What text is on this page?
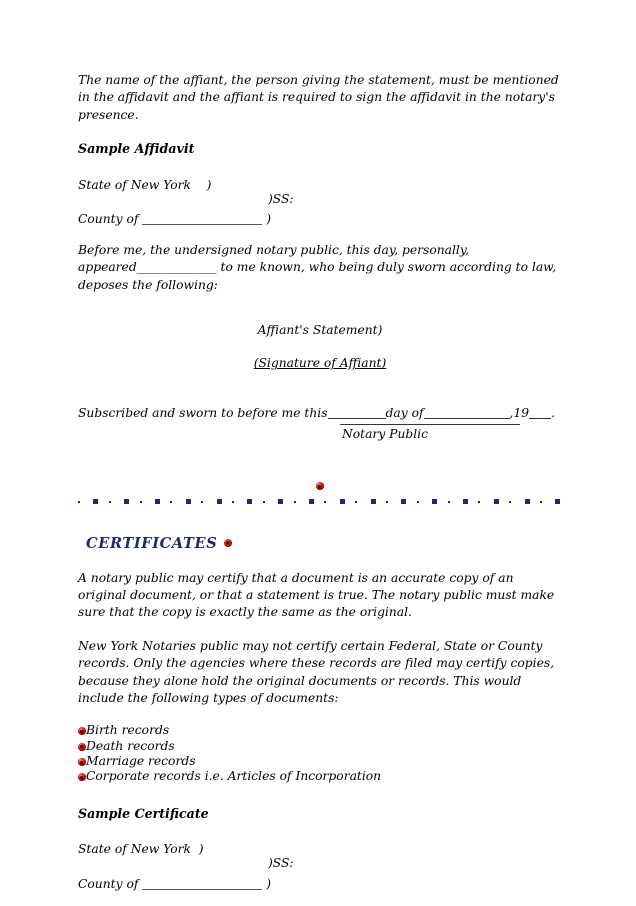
The name of the affiant, the person giving the statement, must be mentioned in the affidavit and the affiant is required to sign the affidavit in the notary's presence.

Sample Affidavit

State of New York    )
)SS:
County of	)

Before me, the undersigned notary public, this day, personally, appeared_____________ to me known, who being duly sworn according to law, deposes the following:

Affiant's Statement)

(Signature of Affiant)

Subscribed and sworn to before me this	day of	,19 .
Notary Public

CERTIFICATES

A notary public may certify that a document is an accurate copy of an original document, or that a statement is true. The notary public must make sure that the copy is exactly the same as the original.

New York Notaries public may not certify certain Federal, State or County records. Only the agencies where these records are filed may certify copies, because they alone hold the original documents or records. This would include the following types of documents:

Birth records
Death records
Marriage records
Corporate records i.e. Articles of Incorporation

Sample Certificate

State of New York  )
)SS:
County of	)
